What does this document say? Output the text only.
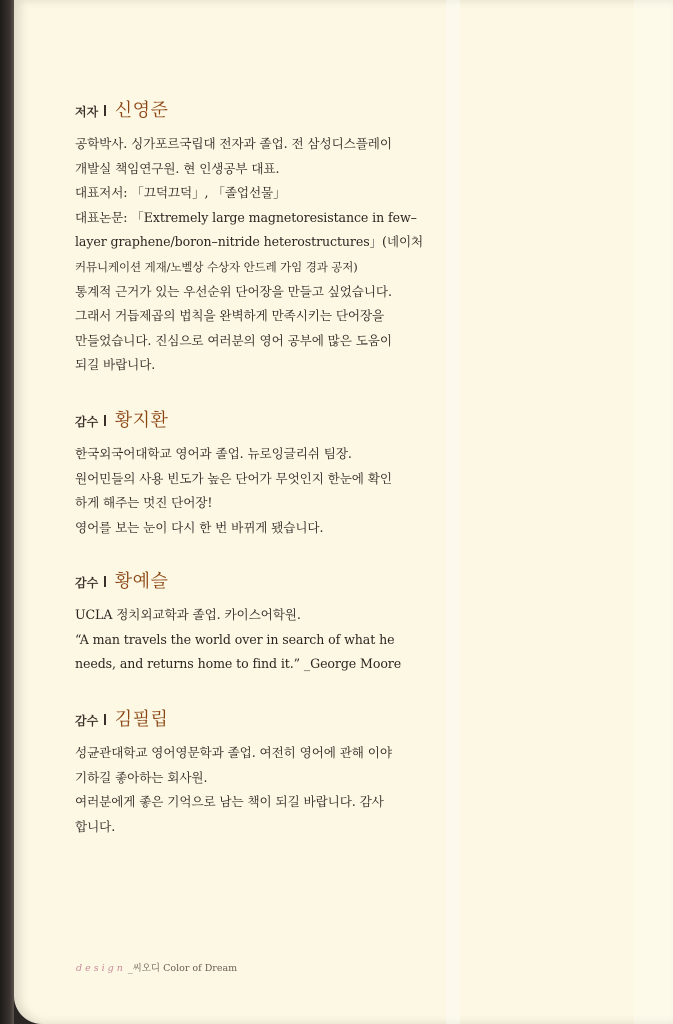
저자 신영준
공학박사. 싱가포르국립대 전자과 졸업. 전 삼성디스플레이
개발실 책임연구원. 현 인생공부 대표.
대표저서: 「끄덕끄덕」, 「졸업선물」
대표논문: 「Extremely large magnetoresistance in few–
layer graphene/boron–nitride heterostructures」(네이처
커뮤니케이션 게재/노벨상 수상자 안드레 가임 경과 공저)
통계적 근거가 있는 우선순위 단어장을 만들고 싶었습니다.
그래서 거듭제곱의 법칙을 완벽하게 만족시키는 단어장을
만들었습니다. 진심으로 여러분의 영어 공부에 많은 도움이
되길 바랍니다.
감수 황지환
한국외국어대학교 영어과 졸업. 뉴로잉글리쉬 팀장.
원어민들의 사용 빈도가 높은 단어가 무엇인지 한눈에 확인
하게 해주는 멋진 단어장!
영어를 보는 눈이 다시 한 번 바뀌게 됐습니다.
감수 황예슬
UCLA 정치외교학과 졸업. 카이스어학원.
“A man travels the world over in search of what he
needs, and returns home to find it.” _George Moore
감수 김필립
성균관대학교 영어영문학과 졸업. 여전히 영어에 관해 이야
기하길 좋아하는 회사원.
여러분에게 좋은 기억으로 남는 책이 되길 바랍니다. 감사
합니다.
design _씨오디 Color of Dream
